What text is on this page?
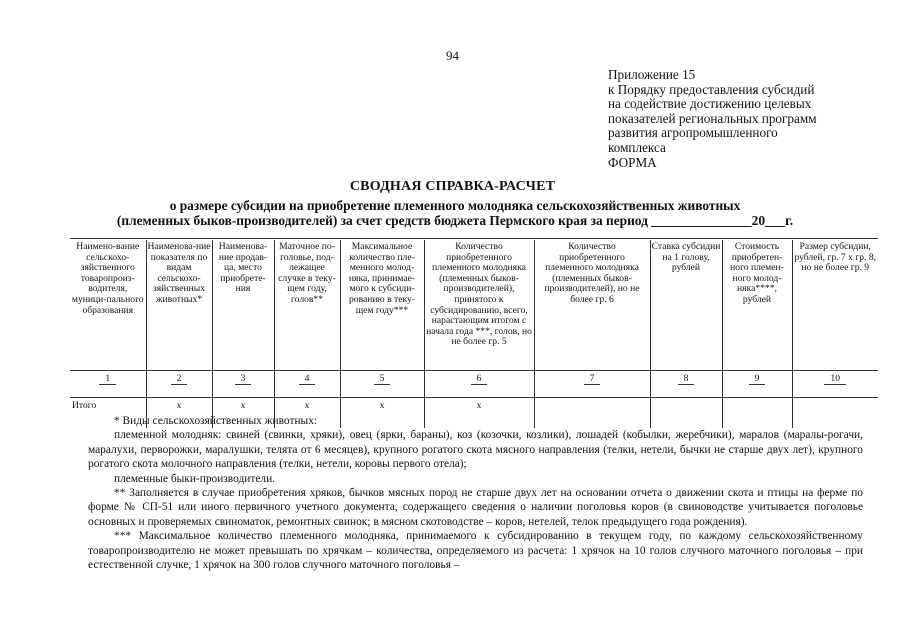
94
Приложение 15
к Порядку предоставления субсидий
на содействие достижению целевых
показателей региональных программ
развития агропромышленного
комплекса
ФОРМА
СВОДНАЯ СПРАВКА-РАСЧЕТ
о размере субсидии на приобретение племенного молодняка сельскохозяйственных животных
(племенных быков-производителей) за счет средств бюджета Пермского края за период _______________20___г.
Наимено-вание сельскохо-зяйственного товаропроиз-водителя, муници-пального образования	Наименова-ние показателя по видам сельскохо-зяйственных животных*	Наименова-ние продав-ца, место приобрете-ния	Маточное по-головье, под-лежащее случке в теку-щем году, голов**	Максимальное количество пле-менного молод-няка, принимае-мого к субсиди-рованию в теку-щем году***	Количество приобретенного племенного молодняка (племенных быков-производителей), принятого к субсидированию, всего, нарастающим итогом с начала года ***, голов, но не более гр. 5	Количество приобретенного племенного молодняка (племенных быков-производителей), но не более гр. 6	Ставка субсидии на 1 голову, рублей	Стоимость приобретен-ного племен-ного молод-няка****, рублей	Размер субсидии, рублей, гр. 7 х гр. 8, но не более гр. 9
1	2	3	4	5	6	7	8	9	10

Итого	х	х	х	х	х				

* Виды сельскохозяйственных животных:

племенной молодняк: свиней (свинки, хряки), овец (ярки, бараны), коз (козочки, козлики), лошадей (кобылки, жеребчики), маралов (маралы-рогачи, маралухи, перворожки, маралушки, телята от 6 месяцев), крупного рогатого скота мясного направления (телки, нетели, бычки не старше двух лет), крупного рогатого скота молочного направления (телки, нетели, коровы первого отела);

племенные быки-производители.

** Заполняется в случае приобретения хряков, бычков мясных пород не старше двух лет на основании отчета о движении скота и птицы на ферме по форме № СП-51 или иного первичного учетного документа, содержащего сведения о наличии поголовья коров (в свиноводстве учитывается поголовье основных и проверяемых свиноматок, ремонтных свинок; в мясном скотоводстве – коров, нетелей, телок предыдущего года рождения).

*** Максимальное количество племенного молодняка, принимаемого к субсидированию в текущем году, по каждому сельскохозяйственному товаропроизводителю не может превышать по хрячкам – количества, определяемого из расчета: 1 хрячок на 10 голов случного маточного поголовья – при естественной случке, 1 хрячок на 300 голов случного маточного поголовья –
